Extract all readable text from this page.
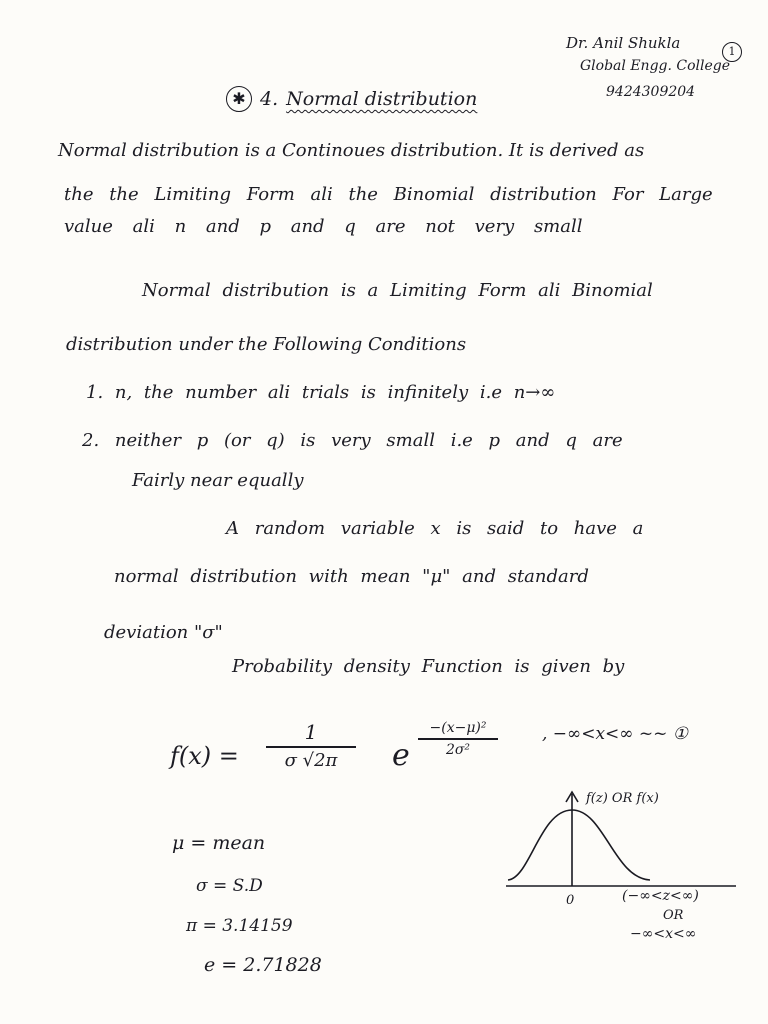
Dr. Anil Shukla
Global Engg. College
9424309204
1
✱ 4. Normal distribution
Normal distribution is a Continoues distribution. It is derived as
the the Limiting Form ali the Binomial distribution For Large
value ali n and p and q are not very small
Normal distribution is a Limiting Form ali Binomial
distribution under the Following Conditions
1. n, the number ali trials is infinitely i.e n→∞
2. neither p (or q) is very small i.e p and q are
Fairly near equally
A random variable x is said to have a
normal distribution with mean "μ" and standard
deviation "σ"
Probability density Function is given by
f(x) =
1
σ √2π	e
−(x−μ)²
2σ²
, −∞<x<∞ ~~ ①
μ = mean
σ = S.D
π = 3.14159
e = 2.71828
f(z) OR f(x)
0	(−∞<z<∞)
OR
−∞<x<∞
